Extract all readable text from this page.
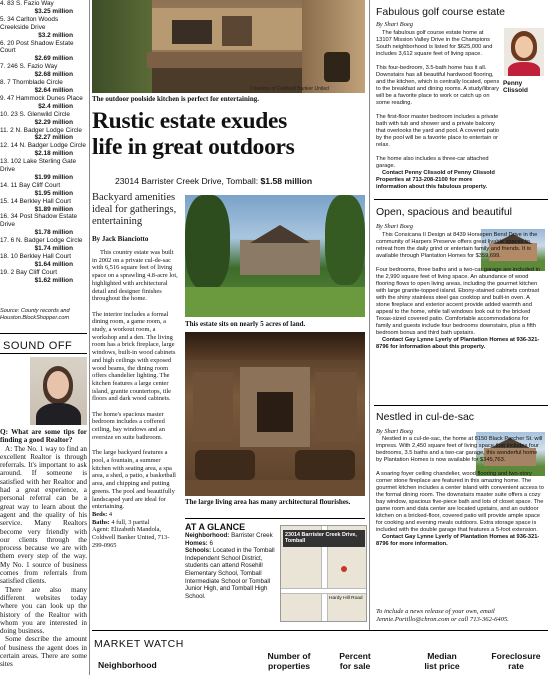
4. 83 S. Fazio Way
$3.25 million
5. 34 Carlton Woods Creekside Drive
$3.2 million
6. 20 Post Shadow Estate Court
$2.69 million
7. 246 S. Fazio Way
$2.68 million
8. 7 Thornblade Circle
$2.64 million
9. 47 Hammock Dunes Place
$2.4 million
10. 23 S. Glenwild Circle
$2.29 million
11. 2 N. Badger Lodge Circle
$2.27 million
12. 14 N. Badger Lodge Circle
$2.18 million
13. 102 Lake Sterling Gate Drive
$1.99 million
14. 11 Bay Cliff Court
$1.95 million
15. 14 Berkley Hall Court
$1.89 million
16. 34 Post Shadow Estate Drive
$1.78 million
17. 6 N. Badger Lodge Circle
$1.74 million
18. 10 Berkley Hall Court
$1.64 million
19. 2 Bay Cliff Court
$1.62 million
Source: County records and Houston.BlockShopper.com
SOUND OFF
Q: What are some tips for finding a good Realtor?
A: The No. 1 way to find an excellent Realtor is through referrals. It's important to ask around. If someone is satisfied with her Realtor and had a great experience, a personal referral can be a great way to learn about the agent and the quality of his service. Many Realtors become very friendly with our clients through the process because we are with them every step of the way. My No. 1 source of business comes from referrals from satisfied clients.
There are also many different websites today where you can look up the history of the Realtor with whom you are interested in doing business.
Some describe the amount of business the agent does in certain areas. There are some sites
Courtesy of Coldwell Banker United
The outdoor poolside kitchen is perfect for entertaining.
Rustic estate exudes
life in great outdoors
23014 Barrister Creek Drive, Tomball: $1.58 million
Backyard amenities ideal for gatherings, entertaining
By Jack Bianciotto
This country estate was built in 2002 on a private cul-de-sac with 6,516 square feet of living space on a sprawling 4.8-acre lot, highlighted with architectural detail and designer finishes throughout the home.

The interior includes a formal dining room, a game room, a study, a workout room, a workshop and a den. The living room has a brick fireplace, large windows, built-in wood cabinets and high ceilings with exposed wood beams, the dining room offers chandelier lighting. The kitchen features a large center island, granite countertops, tile floors and dark wood cabinets.

The home's spacious master bedroom includes a coffered ceiling, bay windows and an oversize en suite bathroom.

The large backyard features a pool, a fountain, a summer kitchen with seating area, a spa area, a shed, a patio, a basketball area, and chipping and putting greens. The pool and beautifully landscaped yard are ideal for entertaining.
Beds: 4
Baths: 4 full, 3 partial
Agent: Elizabeth Mandola, Coldwell Banker United, 713-299-0965
This estate sits on nearly 5 acres of land.
The large living area has many architectural flourishes.
AT A GLANCE
Neighborhood: Barrister Creek
Homes: 6
Schools: Located in the Tomball Independent School District, students can attend Rosehill Elementary School, Tomball Intermediate School or Tomball Junior High, and Tomball High School.
23014 Barrister Creek Drive, Tomball
Hardy Hill Road
Fabulous golf course estate
By Shari Boeg
The fabulous golf course estate home at 13107 Mission Valley Drive in the Champions South neighborhood is listed for $625,000 and includes 3,612 square feet of living space.

This four-bedroom, 3.5-bath home has it all. Downstairs has all beautiful hardwood flooring, and the kitchen, which is centrally located, opens to the breakfast and dining rooms. A study/library will be a favorite place to work or catch up on some reading.

The first-floor master bedroom includes a private bath with tub and shower and a private balcony that overlooks the yard and pool. A covered patio by the pool will be a favorite place to entertain or relax.

The home also includes a three-car attached garage.
Contact Penny Clissold of Penny Clissold Properties at 713-208-2100 for more information about this fabulous property.
Penny
Clissold
Open, spacious and beautiful
By Shari Boeg
This Consicana II Design at 8439 Horsepen Bend Drive in the community of Harpers Preserve offers great livable spaces to retreat from the daily grind or entertain family and friends. It is available through Plantation Homes for $359,699.

Four bedrooms, three baths and a two-car garage are included in the 2,990 square feet of living space. An abundance of wood flooring flows to open living areas, including the gourmet kitchen with large granite-topped island. Ebony-stained cabinets contrast with the shiny stainless steel gas cooktop and built-in oven. A stone fireplace and exterior accent provide added warmth and appeal to the home, while tall windows look out to the bricked Texas-sized covered patio. Comfortable accommodations for family and guests include four bedrooms downstairs, plus a fifth bedroom bonus and third bath upstairs.
Contact Gay Lynne Lyerly of Plantation Homes at 936-321-8796 for information about this property.
Nestled in cul-de-sac
By Shari Boeg
Nestled in a cul-de-sac, the home at 8150 Black Percher St. will impress. With 2,450 square feet of living space that includes four bedrooms, 3.5 baths and a two-car garage, this wonderful home by Plantation Homes is now available for $345,763.

A soaring foyer ceiling chandelier, wood flooring and two-story corner stone fireplace are featured in this amazing home. The gourmet kitchen includes a center island with convenient access to the formal dining room. The downstairs master suite offers a cozy bay window, spacious five-piece bath and lots of closet space. The game room and data center are located upstairs, and an outdoor kitchen on a bricked-floor, covered patio will provide ample space for cooking and evening meals outdoors. Extra storage space is included with the double garage that features a 5-foot extension.
Contact Gay Lynne Lyerly of Plantation Homes at 936-321-8796 for more information.
To include a news release of your own, email
Jennie.Portillo@chron.com or call 713-362-6405.
MARKET WATCH
Neighborhood
Number of
properties
Percent
for sale
Median
list price
Foreclosure
rate
